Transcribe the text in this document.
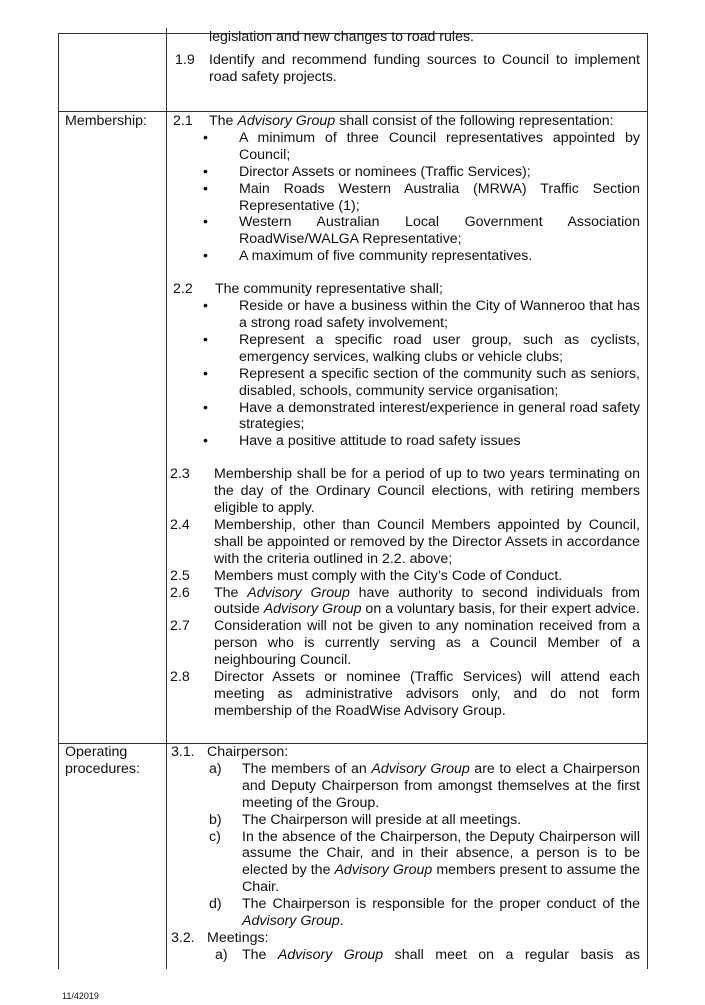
legislation and new changes to road rules.
1.9 Identify and recommend funding sources to Council to implement road safety projects.
Membership:	2.1 The Advisory Group shall consist of the following representation:
• A minimum of three Council representatives appointed by Council;
• Director Assets or nominees (Traffic Services);
• Main Roads Western Australia (MRWA) Traffic Section Representative (1);
• Western Australian Local Government Association RoadWise/WALGA Representative;
• A maximum of five community representatives.
2.2 The community representative shall;
• Reside or have a business within the City of Wanneroo that has a strong road safety involvement;
• Represent a specific road user group, such as cyclists, emergency services, walking clubs or vehicle clubs;
• Represent a specific section of the community such as seniors, disabled, schools, community service organisation;
• Have a demonstrated interest/experience in general road safety strategies;
• Have a positive attitude to road safety issues
2.3 Membership shall be for a period of up to two years terminating on the day of the Ordinary Council elections, with retiring members eligible to apply.
2.4 Membership, other than Council Members appointed by Council, shall be appointed or removed by the Director Assets in accordance with the criteria outlined in 2.2. above;
2.5 Members must comply with the City’s Code of Conduct.
2.6 The Advisory Group have authority to second individuals from outside Advisory Group on a voluntary basis, for their expert advice.
2.7 Consideration will not be given to any nomination received from a person who is currently serving as a Council Member of a neighbouring Council.
2.8 Director Assets or nominee (Traffic Services) will attend each meeting as administrative advisors only, and do not form membership of the RoadWise Advisory Group.
Operating
procedures:
3.1. Chairperson:
a) The members of an Advisory Group are to elect a Chairperson and Deputy Chairperson from amongst themselves at the first meeting of the Group.
b) The Chairperson will preside at all meetings.
c) In the absence of the Chairperson, the Deputy Chairperson will assume the Chair, and in their absence, a person is to be elected by the Advisory Group members present to assume the Chair.
d) The Chairperson is responsible for the proper conduct of the Advisory Group.
3.2. Meetings:
a) The Advisory Group shall meet on a regular basis as
11/42019
